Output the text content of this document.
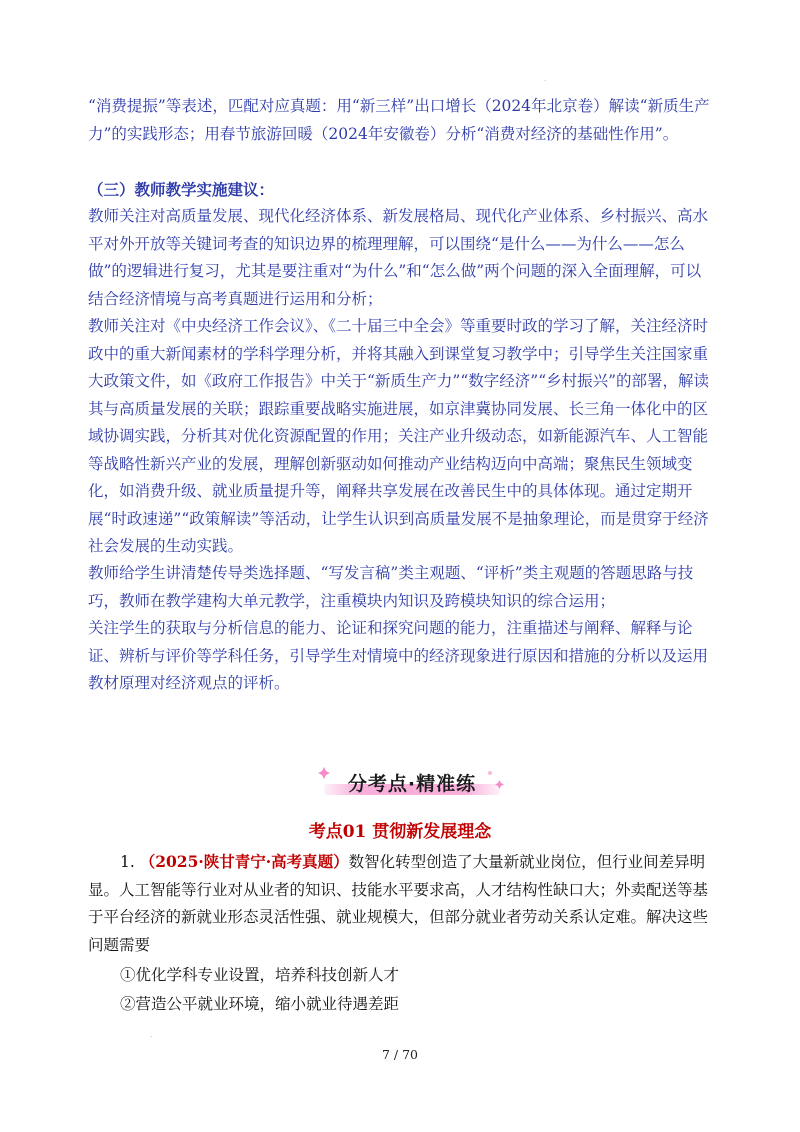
“消费提振”等表述，匹配对应真题：用“新三样”出口增长（2024年北京卷）解读“新质生产力”的实践形态；用春节旅游回暖（2024年安徽卷）分析“消费对经济的基础性作用”。

（三）教师教学实施建议：

教师关注对高质量发展、现代化经济体系、新发展格局、现代化产业体系、乡村振兴、高水平对外开放等关键词考查的知识边界的梳理理解，可以围绕“是什么——为什么——怎么做”的逻辑进行复习，尤其是要注重对“为什么”和“怎么做”两个问题的深入全面理解，可以结合经济情境与高考真题进行运用和分析；

教师关注对《中央经济工作会议》、《二十届三中全会》等重要时政的学习了解，关注经济时政中的重大新闻素材的学科学理分析，并将其融入到课堂复习教学中；引导学生关注国家重大政策文件，如《政府工作报告》中关于“新质生产力”“数字经济”“乡村振兴”的部署，解读其与高质量发展的关联；跟踪重要战略实施进展，如京津冀协同发展、长三角一体化中的区域协调实践，分析其对优化资源配置的作用；关注产业升级动态，如新能源汽车、人工智能等战略性新兴产业的发展，理解创新驱动如何推动产业结构迈向中高端；聚焦民生领域变化，如消费升级、就业质量提升等，阐释共享发展在改善民生中的具体体现。通过定期开展“时政速递”“政策解读”等活动，让学生认识到高质量发展不是抽象理论，而是贯穿于经济社会发展的生动实践。

教师给学生讲清楚传导类选择题、“写发言稿”类主观题、“评析”类主观题的答题思路与技巧，教师在教学建构大单元教学，注重模块内知识及跨模块知识的综合运用；

关注学生的获取与分析信息的能力、论证和探究问题的能力，注重描述与阐释、解释与论证、辨析与评价等学科任务，引导学生对情境中的经济现象进行原因和措施的分析以及运用教材原理对经济观点的评析。

分考点·精准练
考点01 贯彻新发展理念

1. （2025·陕甘青宁·高考真题）数智化转型创造了大量新就业岗位，但行业间差异明显。人工智能等行业对从业者的知识、技能水平要求高，人才结构性缺口大；外卖配送等基于平台经济的新就业形态灵活性强、就业规模大，但部分就业者劳动关系认定难。解决这些问题需要

①优化学科专业设置，培养科技创新人才
②营造公平就业环境，缩小就业待遇差距
7 / 70
.
.
